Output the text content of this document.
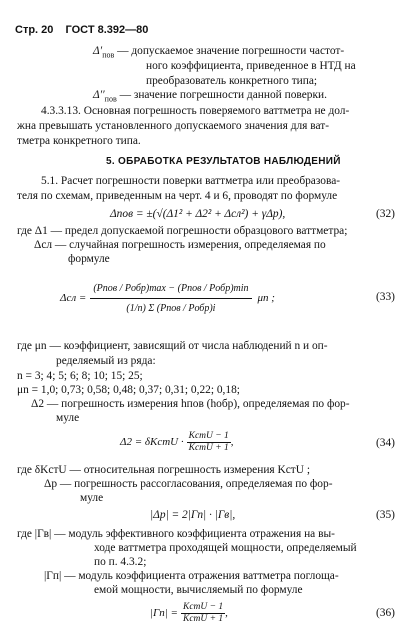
Стр. 20 ГОСТ 8.392—80
$\Delta'_{пов}$ — допускаемое значение погрешности частот-
ного коэффициента, приведенное в НТД на
преобразователь конкретного типа;
$\Delta''_{пов}$ — значение погрешности данной поверки.
4.3.3.13. Основная погрешность поверяемого ваттметра не дол-
жна превышать установленного допускаемого значения для ват-
тметра конкретного типа.
5. ОБРАБОТКА РЕЗУЛЬТАТОВ НАБЛЮДЕНИЙ
5.1. Расчет погрешности поверки ваттметра или преобразова-
теля по схемам, приведенным на черт. 4 и 6, проводят по формуле
Δпов = ±(√(Δ1² + Δ2² + Δсл²) + γΔр),	(32)
где Δ1 — предел допускаемой погрешности образцового ваттметра;
Δсл — случайная погрешность измерения, определяемая по
формуле
Δсл =
(Pпов / Pобр)max − (Pпов / Pобр)min
(1/n) Σ (Pпов / Pобр)i
μn ;	(33)
где μn — коэффициент, зависящий от числа наблюдений n и оп-
ределяемый из ряда:
n = 3; 4; 5; 6; 8; 10; 15; 25;
μn = 1,0; 0,73; 0,58; 0,48; 0,37; 0,31; 0,22; 0,18;
Δ2 — погрешность измерения hпов (hобр), определяемая по фор-
муле
Δ2 = δKстU · $\frac{\text{KстU − 1}}{\text{KстU + 1}}$ ,	(34)
где δKстU — относительная погрешность измерения KстU ;
Δр — погрешность рассогласования, определяемая по фор-
муле
|Δр| = 2|Γп| · |Γв|,	(35)
где |Γв| — модуль эффективного коэффициента отражения на вы-
ходе ваттметра проходящей мощности, определяемый
по п. 4.3.2;
|Γп| — модуль коэффициента отражения ваттметра поглоща-
емой мощности, вычисляемый по формуле
$|\Gamma п| = \frac{\text{KстU − 1}}{\text{KстU + 1}}$ ,	(36)
